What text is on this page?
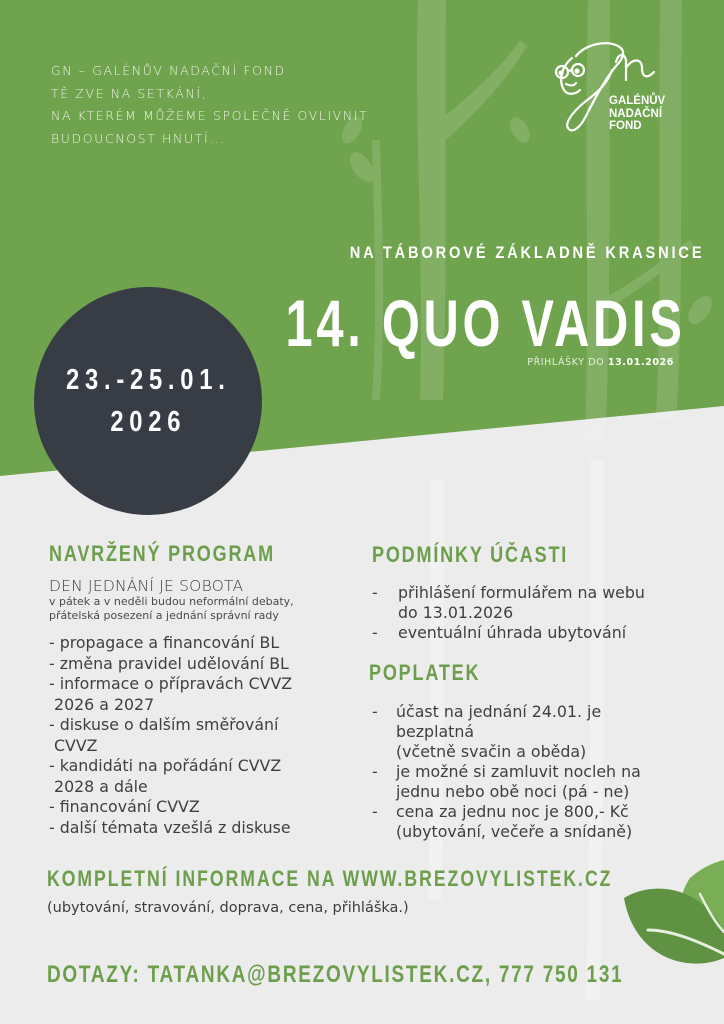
GN – GALÉNŮV NADAČNÍ FOND
TĚ ZVE NA SETKÁNÍ,
NA KTERÉM MŮŽEME SPOLEČNĚ OVLIVNIT
BUDOUCNOST HNUTÍ...
GALÉNŮV
NADAČNÍ
FOND
NA TÁBOROVÉ ZÁKLADNĚ KRASNICE
14. QUO VADIS
PŘIHLÁŠKY DO 13.01.2026
23.-25.01.
2026
NAVRŽENÝ PROGRAM
DEN JEDNÁNÍ JE SOBOTA
v pátek a v neděli budou neformální debaty,
přátelská posezení a jednání správní rady
- propagace a financování BL
- změna pravidel udělování BL
- informace o přípravách CVVZ
2026 a 2027
- diskuse o dalším směřování
CVVZ
- kandidáti na pořádání CVVZ
2028 a dále
- financování CVVZ
- další témata vzešlá z diskuse
PODMÍNKY ÚČASTI
-	přihlášení formulářem na webu
do 13.01.2026
-	eventuální úhrada ubytování
POPLATEK
-	účast na jednání 24.01. je
bezplatná
(včetně svačin a oběda)
-	je možné si zamluvit nocleh na
jednu nebo obě noci (pá - ne)
-	cena za jednu noc je 800,- Kč
(ubytování, večeře a snídaně)
KOMPLETNÍ INFORMACE NA WWW.BREZOVYLISTEK.CZ
(ubytování, stravování, doprava, cena, přihláška.)
DOTAZY: TATANKA@BREZOVYLISTEK.CZ, 777 750 131
